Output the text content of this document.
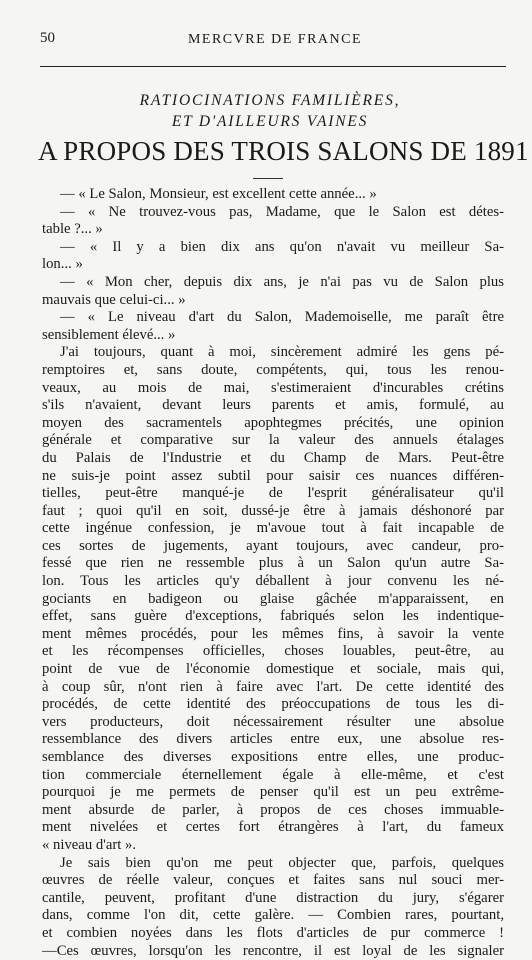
50	MERCVRE DE FRANCE
RATIOCINATIONS FAMILIÈRES,
ET D'AILLEURS VAINES
A PROPOS DES TROIS SALONS DE 1891
— « Le Salon, Monsieur, est excellent cette année... »
— « Ne trouvez-vous pas, Madame, que le Salon est détes-
table ?... »
— « Il y a bien dix ans qu'on n'avait vu meilleur Sa-
lon... »
— « Mon cher, depuis dix ans, je n'ai pas vu de Salon plus
mauvais que celui-ci... »
— « Le niveau d'art du Salon, Mademoiselle, me paraît être
sensiblement élevé... »
J'ai toujours, quant à moi, sincèrement admiré les gens pé-
remptoires et, sans doute, compétents, qui, tous les renou-
veaux, au mois de mai, s'estimeraient d'incurables crétins
s'ils n'avaient, devant leurs parents et amis, formulé, au
moyen des sacramentels apophtegmes précités, une opinion
générale et comparative sur la valeur des annuels étalages
du Palais de l'Industrie et du Champ de Mars. Peut-être
ne suis-je point assez subtil pour saisir ces nuances différen-
tielles, peut-être manqué-je de l'esprit généralisateur qu'il
faut ; quoi qu'il en soit, dussé-je être à jamais déshonoré par
cette ingénue confession, je m'avoue tout à fait incapable de
ces sortes de jugements, ayant toujours, avec candeur, pro-
fessé que rien ne ressemble plus à un Salon qu'un autre Sa-
lon. Tous les articles qu'y déballent à jour convenu les né-
gociants en badigeon ou glaise gâchée m'apparaissent, en
effet, sans guère d'exceptions, fabriqués selon les indentique-
ment mêmes procédés, pour les mêmes fins, à savoir la vente
et les récompenses officielles, choses louables, peut-être, au
point de vue de l'économie domestique et sociale, mais qui,
à coup sûr, n'ont rien à faire avec l'art. De cette identité des
procédés, de cette identité des préoccupations de tous les di-
vers producteurs, doit nécessairement résulter une absolue
ressemblance des divers articles entre eux, une absolue res-
semblance des diverses expositions entre elles, une produc-
tion commerciale éternellement égale à elle-même, et c'est
pourquoi je me permets de penser qu'il est un peu extrême-
ment absurde de parler, à propos de ces choses immuable-
ment nivelées et certes fort étrangères à l'art, du fameux
« niveau d'art ».
Je sais bien qu'on me peut objecter que, parfois, quelques
œuvres de réelle valeur, conçues et faites sans nul souci mer-
cantile, peuvent, profitant d'une distraction du jury, s'égarer
dans, comme l'on dit, cette galère. — Combien rares, pourtant,
et combien noyées dans les flots d'articles de pur commerce !
—Ces œuvres, lorsqu'on les rencontre, il est loyal de les signaler
